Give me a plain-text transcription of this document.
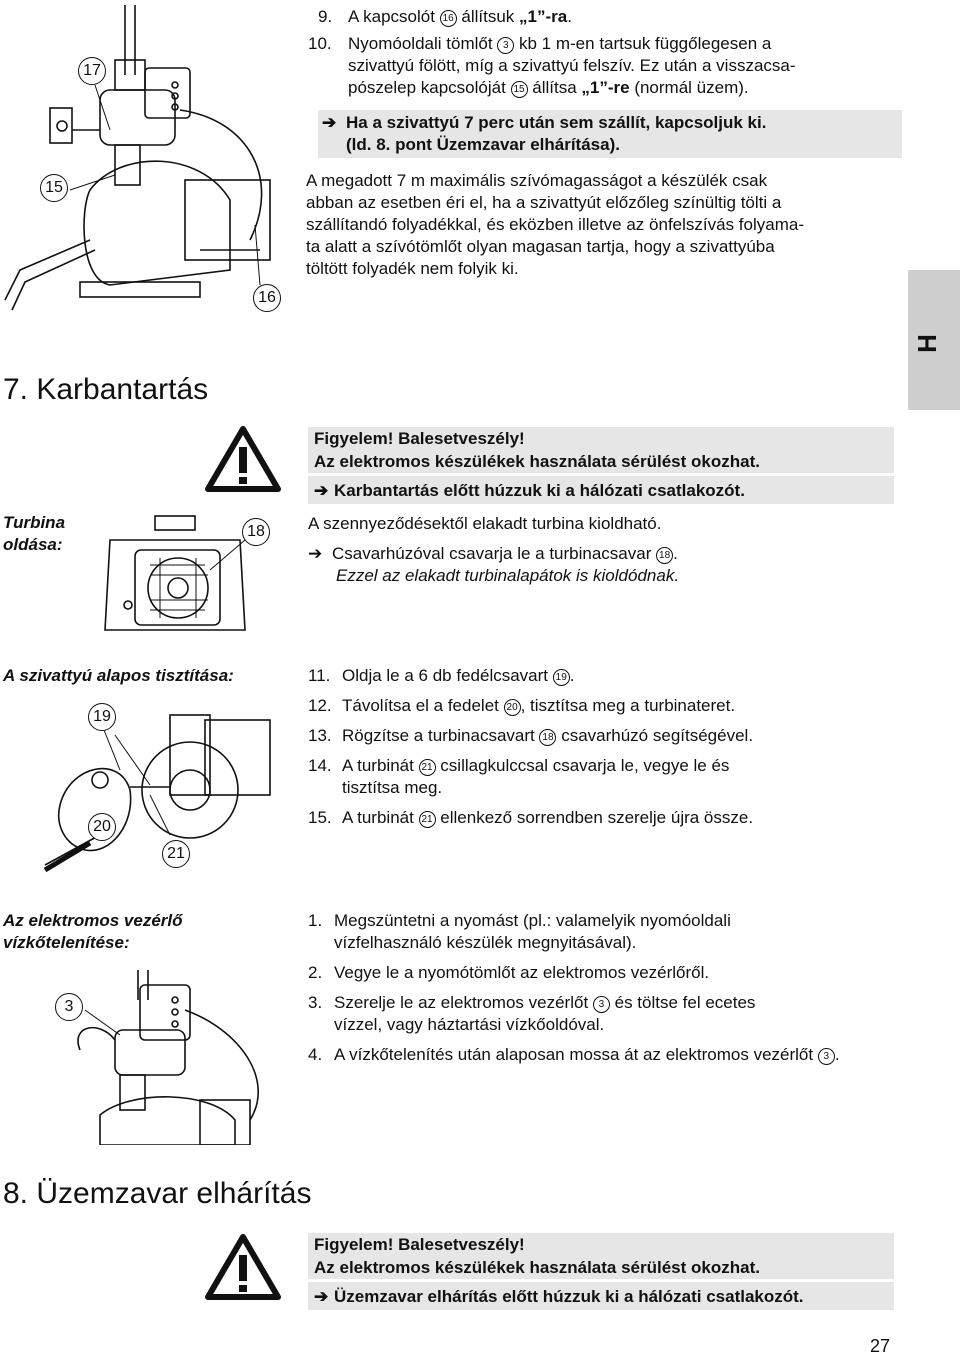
17
15
16
9. A kapcsolót 16 állítsuk „1”-ra.
10. Nyomóoldali tömlőt 3 kb 1 m-en tartsuk függőlegesen a
szivattyú fölött, míg a szivattyú felszív. Ez után a visszacsa-
pószelep kapcsolóját 15 állítsa „1”-re (normál üzem).
➔ Ha a szivattyú 7 perc után sem szállít, kapcsoljuk ki.
(ld. 8. pont Üzemzavar elhárítása).
A megadott 7 m maximális szívómagasságot a készülék csak
abban az esetben éri el, ha a szivattyút előzőleg színültig tölti a
szállítandó folyadékkal, és eközben illetve az önfelszívás folyama-
ta alatt a szívótömlőt olyan magasan tartja, hogy a szivattyúba
töltött folyadék nem folyik ki.
H
7. Karbantartás
Figyelem! Balesetveszély!
Az elektromos készülékek használata sérülést okozhat.
➔ Karbantartás előtt húzzuk ki a hálózati csatlakozót.
Turbina
oldása:
18	A szennyeződésektől elakadt turbina kioldható.
➔ Csavarhúzóval csavarja le a turbinacsavar 18 .
Ezzel az elakadt turbinalapátok is kioldódnak.
A szivattyú alapos tisztítása:
19
20
21
11. Oldja le a 6 db fedélcsavart 19 .
12. Távolítsa el a fedelet 20 , tisztítsa meg a turbinateret.
13. Rögzítse a turbinacsavart 18 csavarhúzó segítségével.
14. A turbinát 21 csillagkulccsal csavarja le, vegye le és
tisztítsa meg.
15. A turbinát 21 ellenkező sorrendben szerelje újra össze.
Az elektromos vezérlő
vízkőtelenítése:
3
1. Megszüntetni a nyomást (pl.: valamelyik nyomóoldali
vízfelhasználó készülék megnyitásával).
2. Vegye le a nyomótömlőt az elektromos vezérlőről.
3. Szerelje le az elektromos vezérlőt 3 és töltse fel ecetes
vízzel, vagy háztartási vízkőoldóval.
4. A vízkőtelenítés után alaposan mossa át az elektromos vezérlőt 3 .
8. Üzemzavar elhárítás
Figyelem! Balesetveszély!
Az elektromos készülékek használata sérülést okozhat.
➔ Üzemzavar elhárítás előtt húzzuk ki a hálózati csatlakozót.
27
